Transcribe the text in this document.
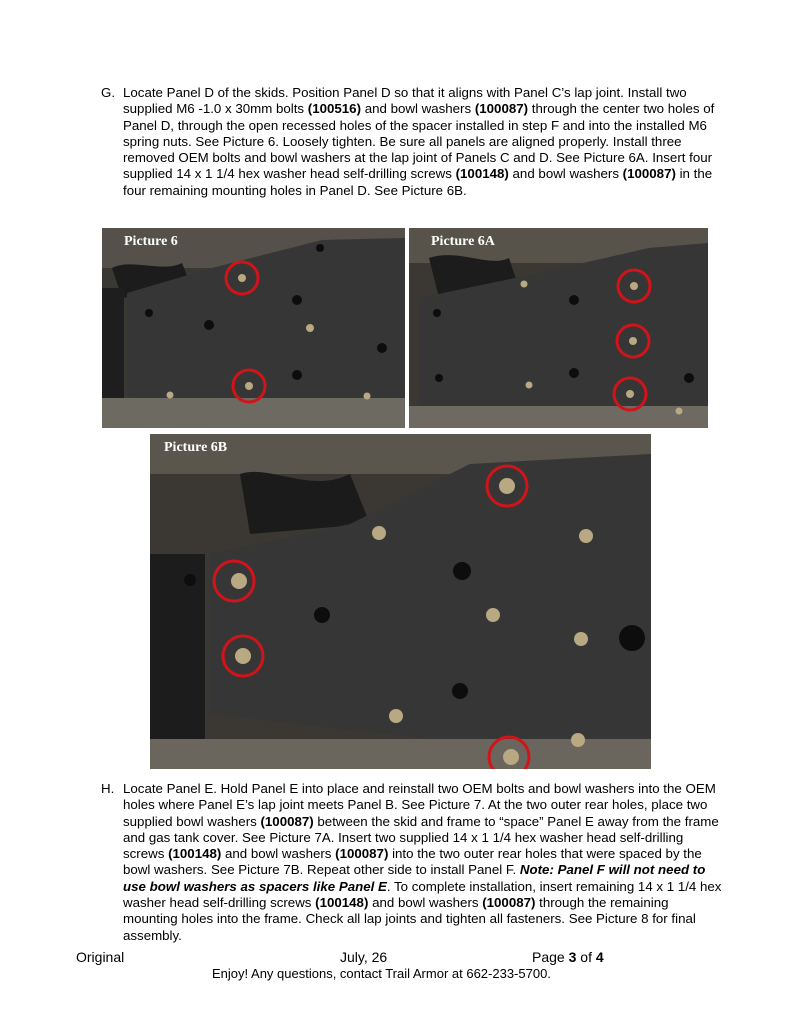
G. Locate Panel D of the skids. Position Panel D so that it aligns with Panel C’s lap joint. Install two supplied M6 -1.0 x 30mm bolts (100516) and bowl washers (100087) through the center two holes of Panel D, through the open recessed holes of the spacer installed in step F and into the installed M6 spring nuts. See Picture 6. Loosely tighten. Be sure all panels are aligned properly. Install three removed OEM bolts and bowl washers at the lap joint of Panels C and D. See Picture 6A. Insert four supplied 14 x 1 1/4 hex washer head self-drilling screws (100148) and bowl washers (100087) in the four remaining mounting holes in Panel D. See Picture 6B.
Picture 6	Picture 6A
Picture 6B
H. Locate Panel E. Hold Panel E into place and reinstall two OEM bolts and bowl washers into the OEM holes where Panel E’s lap joint meets Panel B. See Picture 7. At the two outer rear holes, place two supplied bowl washers (100087) between the skid and frame to “space” Panel E away from the frame and gas tank cover. See Picture 7A. Insert two supplied 14 x 1 1/4 hex washer head self-drilling screws (100148) and bowl washers (100087) into the two outer rear holes that were spaced by the bowl washers. See Picture 7B. Repeat other side to install Panel F. Note: Panel F will not need to use bowl washers as spacers like Panel E. To complete installation, insert remaining 14 x 1 1/4 hex washer head self-drilling screws (100148) and bowl washers (100087) through the remaining mounting holes into the frame. Check all lap joints and tighten all fasteners. See Picture 8 for final assembly.
Original	July, 26	Page 3 of 4
Enjoy! Any questions, contact Trail Armor at 662-233-5700.
